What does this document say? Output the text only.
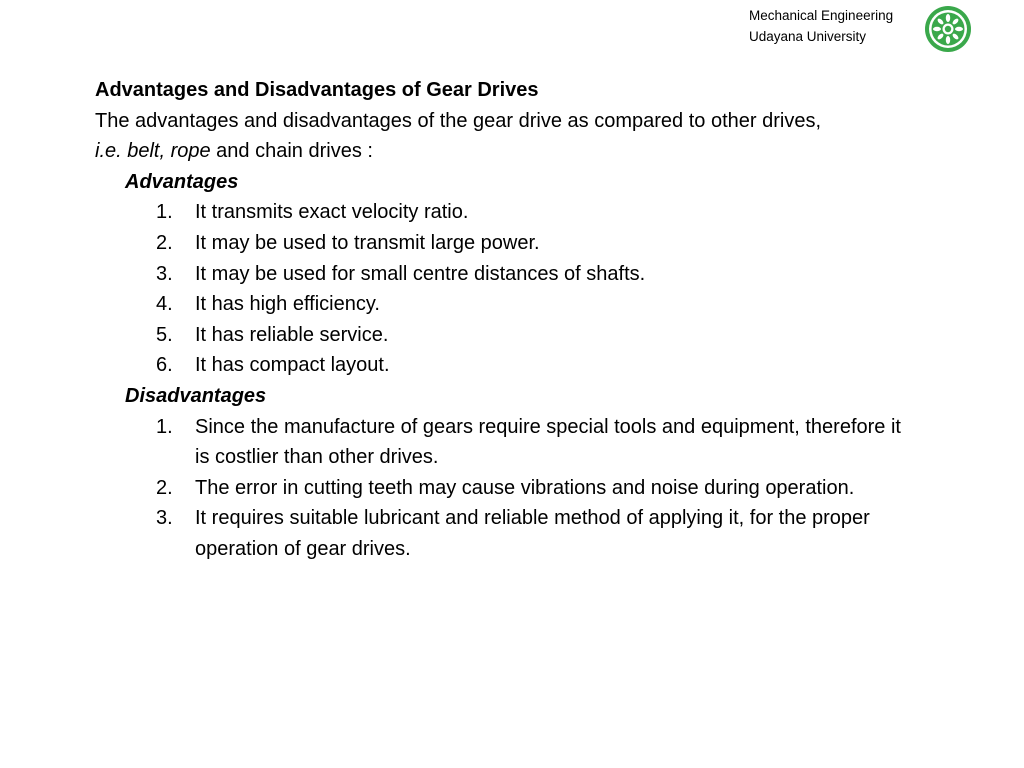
Mechanical Engineering
Udayana University
Advantages and Disadvantages of Gear Drives
The advantages and disadvantages of the gear drive as compared to other drives,
i.e. belt, rope and chain drives :
Advantages
1. It transmits exact velocity ratio.
2. It may be used to transmit large power.
3. It may be used for small centre distances of shafts.
4. It has high efficiency.
5. It has reliable service.
6. It has compact layout.
Disadvantages
1. Since the manufacture of gears require special tools and equipment, therefore it is costlier than other drives.
2. The error in cutting teeth may cause vibrations and noise during operation.
3. It requires suitable lubricant and reliable method of applying it, for the proper operation of gear drives.
